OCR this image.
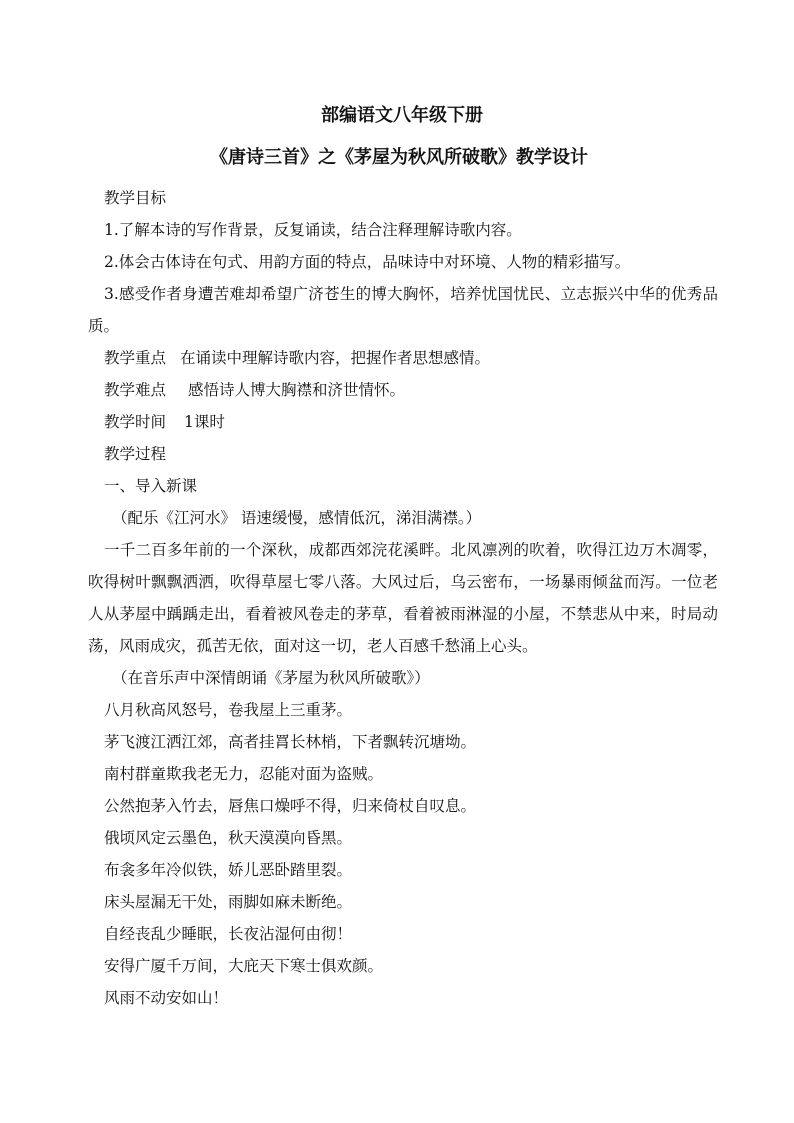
部编语文八年级下册
《唐诗三首》之《茅屋为秋风所破歌》教学设计

教学目标

1.了解本诗的写作背景，反复诵读，结合注释理解诗歌内容。

2.体会古体诗在句式、用韵方面的特点，品味诗中对环境、人物的精彩描写。

3.感受作者身遭苦难却希望广济苍生的博大胸怀，培养忧国忧民、立志振兴中华的优秀品质。

教学重点 在诵读中理解诗歌内容，把握作者思想感情。

教学难点 感悟诗人博大胸襟和济世情怀。

教学时间 1课时

教学过程

一、导入新课

（配乐《江河水》 语速缓慢，感情低沉，涕泪满襟。）

一千二百多年前的一个深秋，成都西郊浣花溪畔。北风凛冽的吹着，吹得江边万木凋零，吹得树叶飘飘洒洒，吹得草屋七零八落。大风过后，乌云密布，一场暴雨倾盆而泻。一位老人从茅屋中踽踽走出，看着被风卷走的茅草，看着被雨淋湿的小屋，不禁悲从中来，时局动荡，风雨成灾，孤苦无依，面对这一切，老人百感千愁涌上心头。

（在音乐声中深情朗诵《茅屋为秋风所破歌》）

八月秋高风怒号，卷我屋上三重茅。

茅飞渡江洒江郊，高者挂罥长林梢，下者飘转沉塘坳。

南村群童欺我老无力，忍能对面为盗贼。

公然抱茅入竹去，唇焦口燥呼不得，归来倚杖自叹息。

俄顷风定云墨色，秋天漠漠向昏黑。

布衾多年冷似铁，娇儿恶卧踏里裂。

床头屋漏无干处，雨脚如麻未断绝。

自经丧乱少睡眠，长夜沾湿何由彻！

安得广厦千万间，大庇天下寒士俱欢颜。

风雨不动安如山！
